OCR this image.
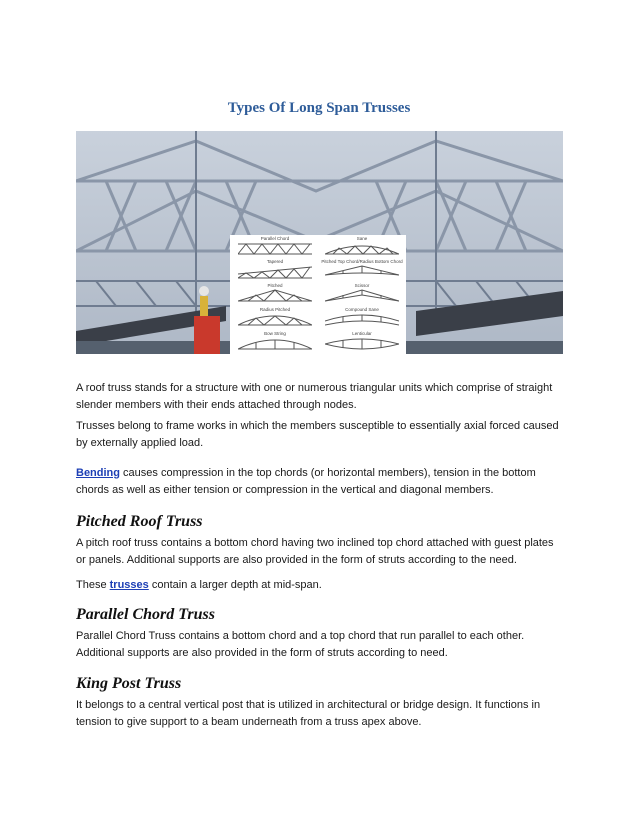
Types Of Long Span Trusses
Parallel Chord	Sane
Tapered	Pitched Top Chord/Radius Bottom Chord
Pitched	Scissor
Radius Pitched	Compound Sane
Bow String	Lenticular

A roof truss stands for a structure with one or numerous triangular units which comprise of straight slender members with their ends attached through nodes.

Trusses belong to frame works in which the members susceptible to essentially axial forced caused by externally applied load.

Bending causes compression in the top chords (or horizontal members), tension in the bottom chords as well as either tension or compression in the vertical and diagonal members.

Pitched Roof Truss

A pitch roof truss contains a bottom chord having two inclined top chord attached with guest plates or panels. Additional supports are also provided in the form of struts according to the need.

These trusses contain a larger depth at mid-span.

Parallel Chord Truss

Parallel Chord Truss contains a bottom chord and a top chord that run parallel to each other. Additional supports are also provided in the form of struts according to need.

King Post Truss

It belongs to a central vertical post that is utilized in architectural or bridge design. It functions in tension to give support to a beam underneath from a truss apex above.
